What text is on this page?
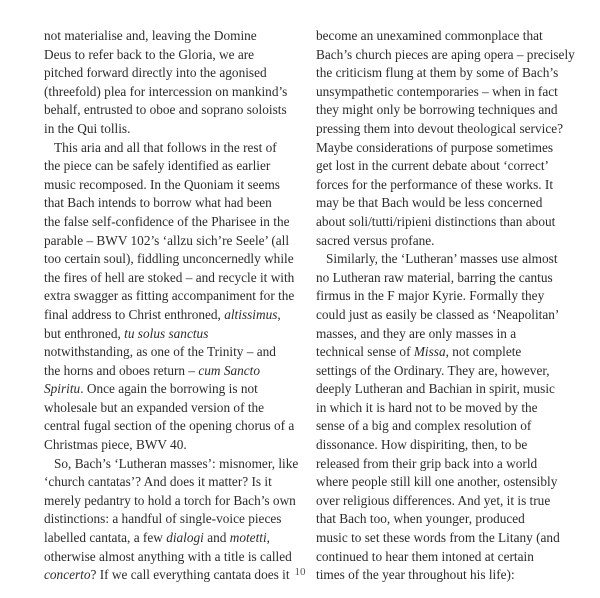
not materialise and, leaving the Domine
Deus to refer back to the Gloria, we are
pitched forward directly into the agonised
(threefold) plea for intercession on mankind’s
behalf, entrusted to oboe and soprano soloists
in the Qui tollis.
This aria and all that follows in the rest of
the piece can be safely identified as earlier
music recomposed. In the Quoniam it seems
that Bach intends to borrow what had been
the false self-confidence of the Pharisee in the
parable – BWV 102’s ‘allzu sich’re Seele’ (all
too certain soul), fiddling unconcernedly while
the fires of hell are stoked – and recycle it with
extra swagger as fitting accompaniment for the
final address to Christ enthroned, altissimus,
but enthroned, tu solus sanctus
notwithstanding, as one of the Trinity – and
the horns and oboes return – cum Sancto
Spiritu. Once again the borrowing is not
wholesale but an expanded version of the
central fugal section of the opening chorus of a
Christmas piece, BWV 40.
So, Bach’s ‘Lutheran masses’: misnomer, like
‘church cantatas’? And does it matter? Is it
merely pedantry to hold a torch for Bach’s own
distinctions: a handful of single-voice pieces
labelled cantata, a few dialogi and motetti,
otherwise almost anything with a title is called
concerto? If we call everything cantata does it
become an unexamined commonplace that
Bach’s church pieces are aping opera – precisely
the criticism flung at them by some of Bach’s
unsympathetic contemporaries – when in fact
they might only be borrowing techniques and
pressing them into devout theological service?
Maybe considerations of purpose sometimes
get lost in the current debate about ‘correct’
forces for the performance of these works. It
may be that Bach would be less concerned
about soli/tutti/ripieni distinctions than about
sacred versus profane.
Similarly, the ‘Lutheran’ masses use almost
no Lutheran raw material, barring the cantus
firmus in the F major Kyrie. Formally they
could just as easily be classed as ‘Neapolitan’
masses, and they are only masses in a
technical sense of Missa, not complete
settings of the Ordinary. They are, however,
deeply Lutheran and Bachian in spirit, music
in which it is hard not to be moved by the
sense of a big and complex resolution of
dissonance. How dispiriting, then, to be
released from their grip back into a world
where people still kill one another, ostensibly
over religious differences. And yet, it is true
that Bach too, when younger, produced
music to set these words from the Litany (and
continued to hear them intoned at certain
times of the year throughout his life):
10
